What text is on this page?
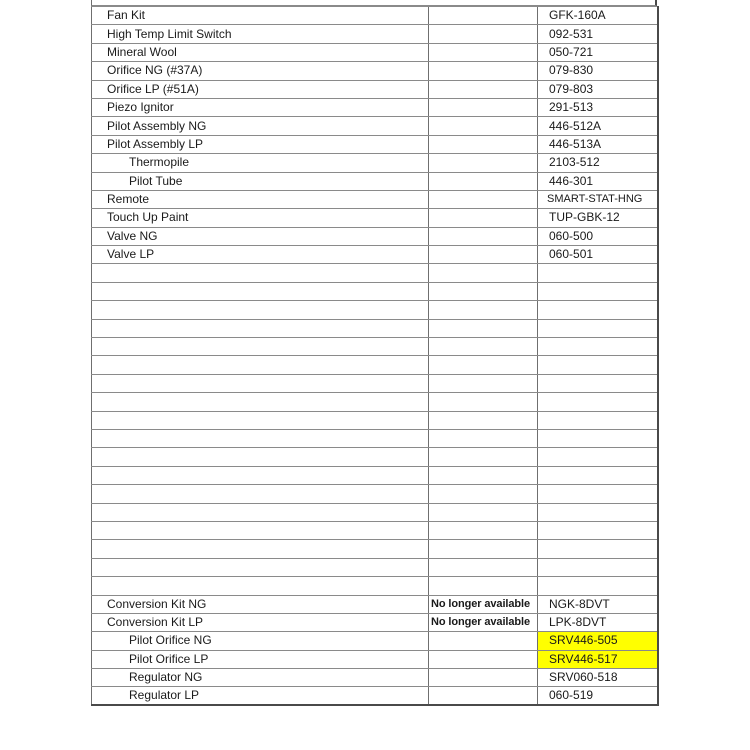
Fan Kit		GFK-160A
High Temp Limit Switch		092-531
Mineral Wool		050-721
Orifice NG (#37A)		079-830
Orifice LP (#51A)		079-803
Piezo Ignitor		291-513
Pilot Assembly NG		446-512A
Pilot Assembly LP		446-513A
Thermopile		2103-512
Pilot Tube		446-301
Remote		SMART-STAT-HNG
Touch Up Paint		TUP-GBK-12
Valve NG		060-500
Valve LP		060-501

Conversion Kit NG	No longer available	NGK-8DVT
Conversion Kit LP	No longer available	LPK-8DVT
Pilot Orifice NG		SRV446-505
Pilot Orifice LP		SRV446-517
Regulator NG		SRV060-518
Regulator LP		060-519
